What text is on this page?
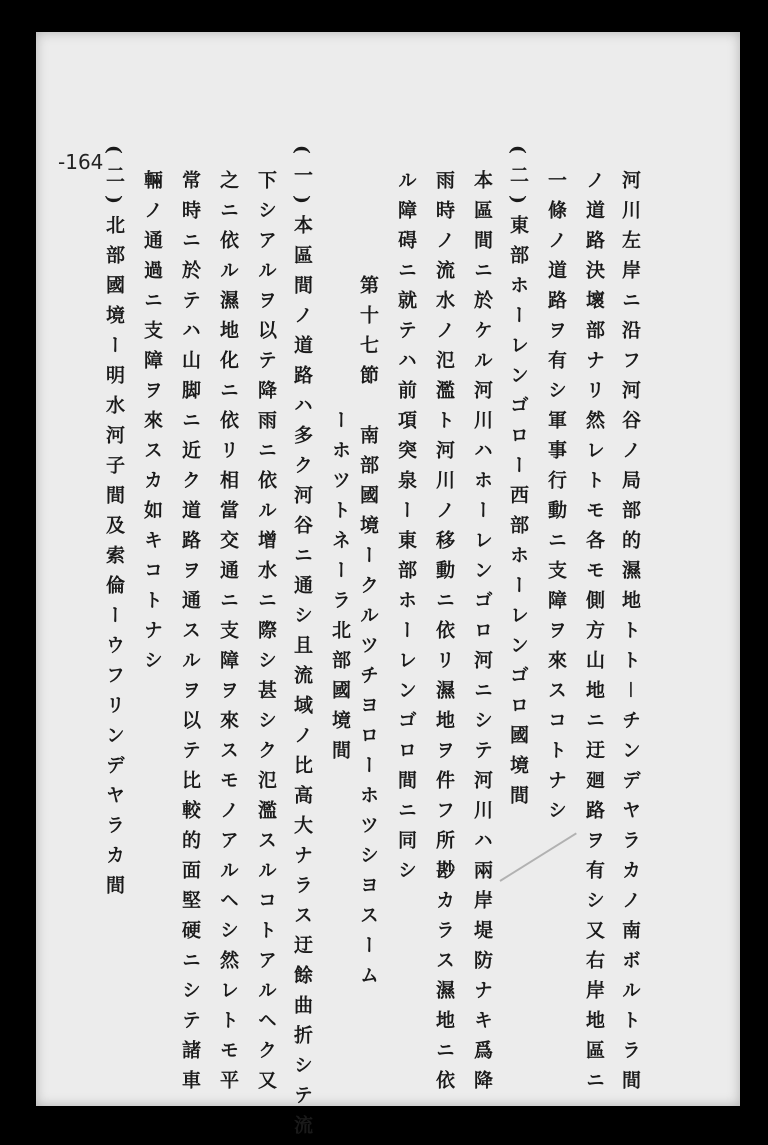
-164
河川左岸ニ沿フ河谷ノ局部的濕地トト－チンデヤラカノ南ボルトラ間
ノ道路決壞部ナリ然レトモ各モ側方山地ニ迂廻路ヲ有シ又右岸地區ニ
一條ノ道路ヲ有シ軍事行動ニ支障ヲ來スコトナシ
(二)東部ホーレンゴロー西部ホーレンゴロ國境間
本區間ニ於ケル河川ハホーレンゴロ河ニシテ河川ハ兩岸堤防ナキ爲降
雨時ノ流水ノ氾濫ト河川ノ移動ニ依リ濕地ヲ件フ所尠カラス濕地ニ依
ル障碍ニ就テハ前項突泉ー東部ホーレンゴロ間ニ同シ
第十七節　南部國境ークルツチヨローホツシヨスーム
ーホツトネーラ北部國境間
(一)本區間ノ道路ハ多ク河谷ニ通シ且流域ノ比高大ナラス迂餘曲折シテ流
下シアルヲ以テ降雨ニ依ル增水ニ際シ甚シク氾濫スルコトアルヘク又
之ニ依ル濕地化ニ依リ相當交通ニ支障ヲ來スモノアルヘシ然レトモ平
常時ニ於テハ山脚ニ近ク道路ヲ通スルヲ以テ比較的面堅硬ニシテ諸車
輛ノ通過ニ支障ヲ來スカ如キコトナシ
(二)北部國境ー明水河子間及索倫ーウフリンデヤラカ間
